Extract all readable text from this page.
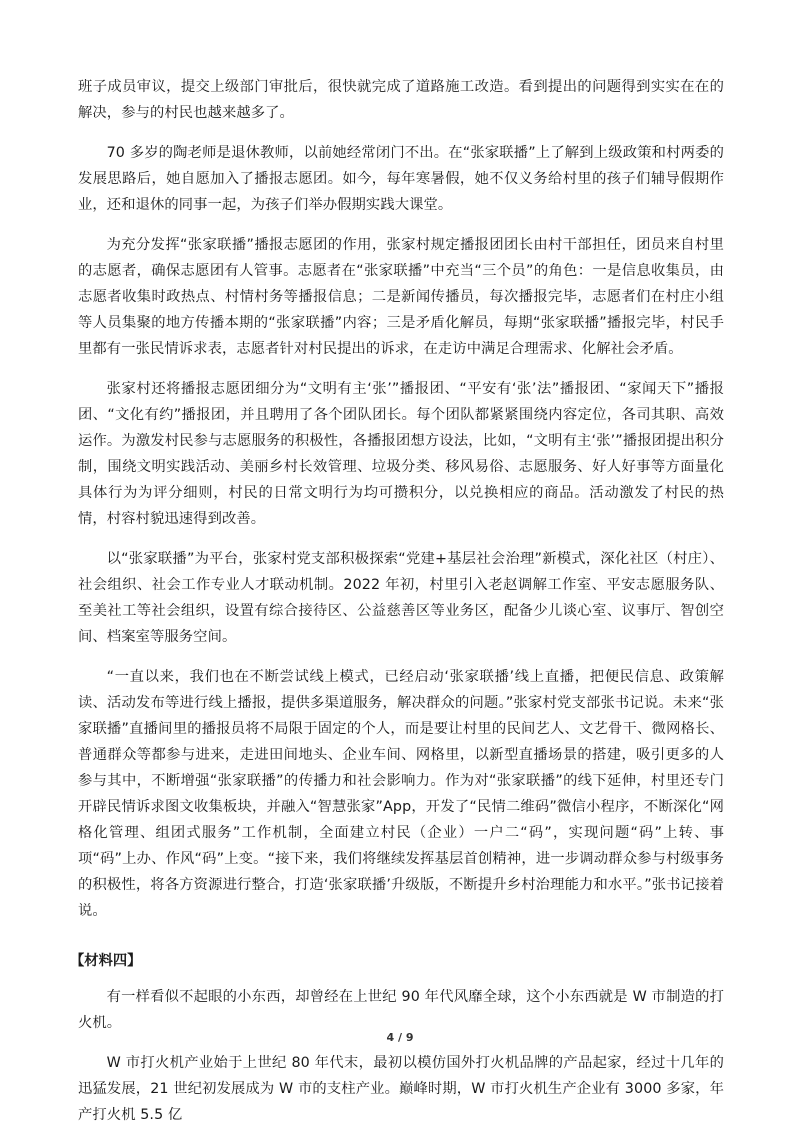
班子成员审议，提交上级部门审批后，很快就完成了道路施工改造。看到提出的问题得到实实在在的解决，参与的村民也越来越多了。

70 多岁的陶老师是退休教师，以前她经常闭门不出。在“张家联播”上了解到上级政策和村两委的发展思路后，她自愿加入了播报志愿团。如今，每年寒暑假，她不仅义务给村里的孩子们辅导假期作业，还和退休的同事一起，为孩子们举办假期实践大课堂。

为充分发挥“张家联播”播报志愿团的作用，张家村规定播报团团长由村干部担任，团员来自村里的志愿者，确保志愿团有人管事。志愿者在“张家联播”中充当“三个员”的角色：一是信息收集员，由志愿者收集时政热点、村情村务等播报信息；二是新闻传播员，每次播报完毕，志愿者们在村庄小组等人员集聚的地方传播本期的“张家联播”内容；三是矛盾化解员，每期“张家联播”播报完毕，村民手里都有一张民情诉求表，志愿者针对村民提出的诉求，在走访中满足合理需求、化解社会矛盾。

张家村还将播报志愿团细分为“文明有主‘张’”播报团、“平安有‘张’法”播报团、“家闻天下”播报团、“文化有约”播报团，并且聘用了各个团队团长。每个团队都紧紧围绕内容定位，各司其职、高效运作。为激发村民参与志愿服务的积极性，各播报团想方设法，比如，“文明有主‘张’”播报团提出积分制，围绕文明实践活动、美丽乡村长效管理、垃圾分类、移风易俗、志愿服务、好人好事等方面量化具体行为为评分细则，村民的日常文明行为均可攒积分，以兑换相应的商品。活动激发了村民的热情，村容村貌迅速得到改善。

以“张家联播”为平台，张家村党支部积极探索“党建+基层社会治理”新模式，深化社区（村庄）、社会组织、社会工作专业人才联动机制。2022 年初，村里引入老赵调解工作室、平安志愿服务队、至美社工等社会组织，设置有综合接待区、公益慈善区等业务区，配备少儿谈心室、议事厅、智创空间、档案室等服务空间。

“一直以来，我们也在不断尝试线上模式，已经启动‘张家联播’线上直播，把便民信息、政策解读、活动发布等进行线上播报，提供多渠道服务，解决群众的问题。”张家村党支部张书记说。未来“张家联播”直播间里的播报员将不局限于固定的个人，而是要让村里的民间艺人、文艺骨干、微网格长、普通群众等都参与进来，走进田间地头、企业车间、网格里，以新型直播场景的搭建，吸引更多的人参与其中，不断增强“张家联播”的传播力和社会影响力。作为对“张家联播”的线下延伸，村里还专门开辟民情诉求图文收集板块，并融入“智慧张家”App，开发了“民情二维码”微信小程序，不断深化“网格化管理、组团式服务”工作机制，全面建立村民（企业）一户二“码”，实现问题“码”上转、事项“码”上办、作风“码”上变。“接下来，我们将继续发挥基层首创精神，进一步调动群众参与村级事务的积极性，将各方资源进行整合，打造‘张家联播’升级版，不断提升乡村治理能力和水平。”张书记接着说。

【材料四】

有一样看似不起眼的小东西，却曾经在上世纪 90 年代风靡全球，这个小东西就是 W 市制造的打火机。

W 市打火机产业始于上世纪 80 年代末，最初以模仿国外打火机品牌的产品起家，经过十几年的迅猛发展，21 世纪初发展成为 W 市的支柱产业。巅峰时期，W 市打火机生产企业有 3000 多家，年产打火机 5.5 亿

4 / 9
